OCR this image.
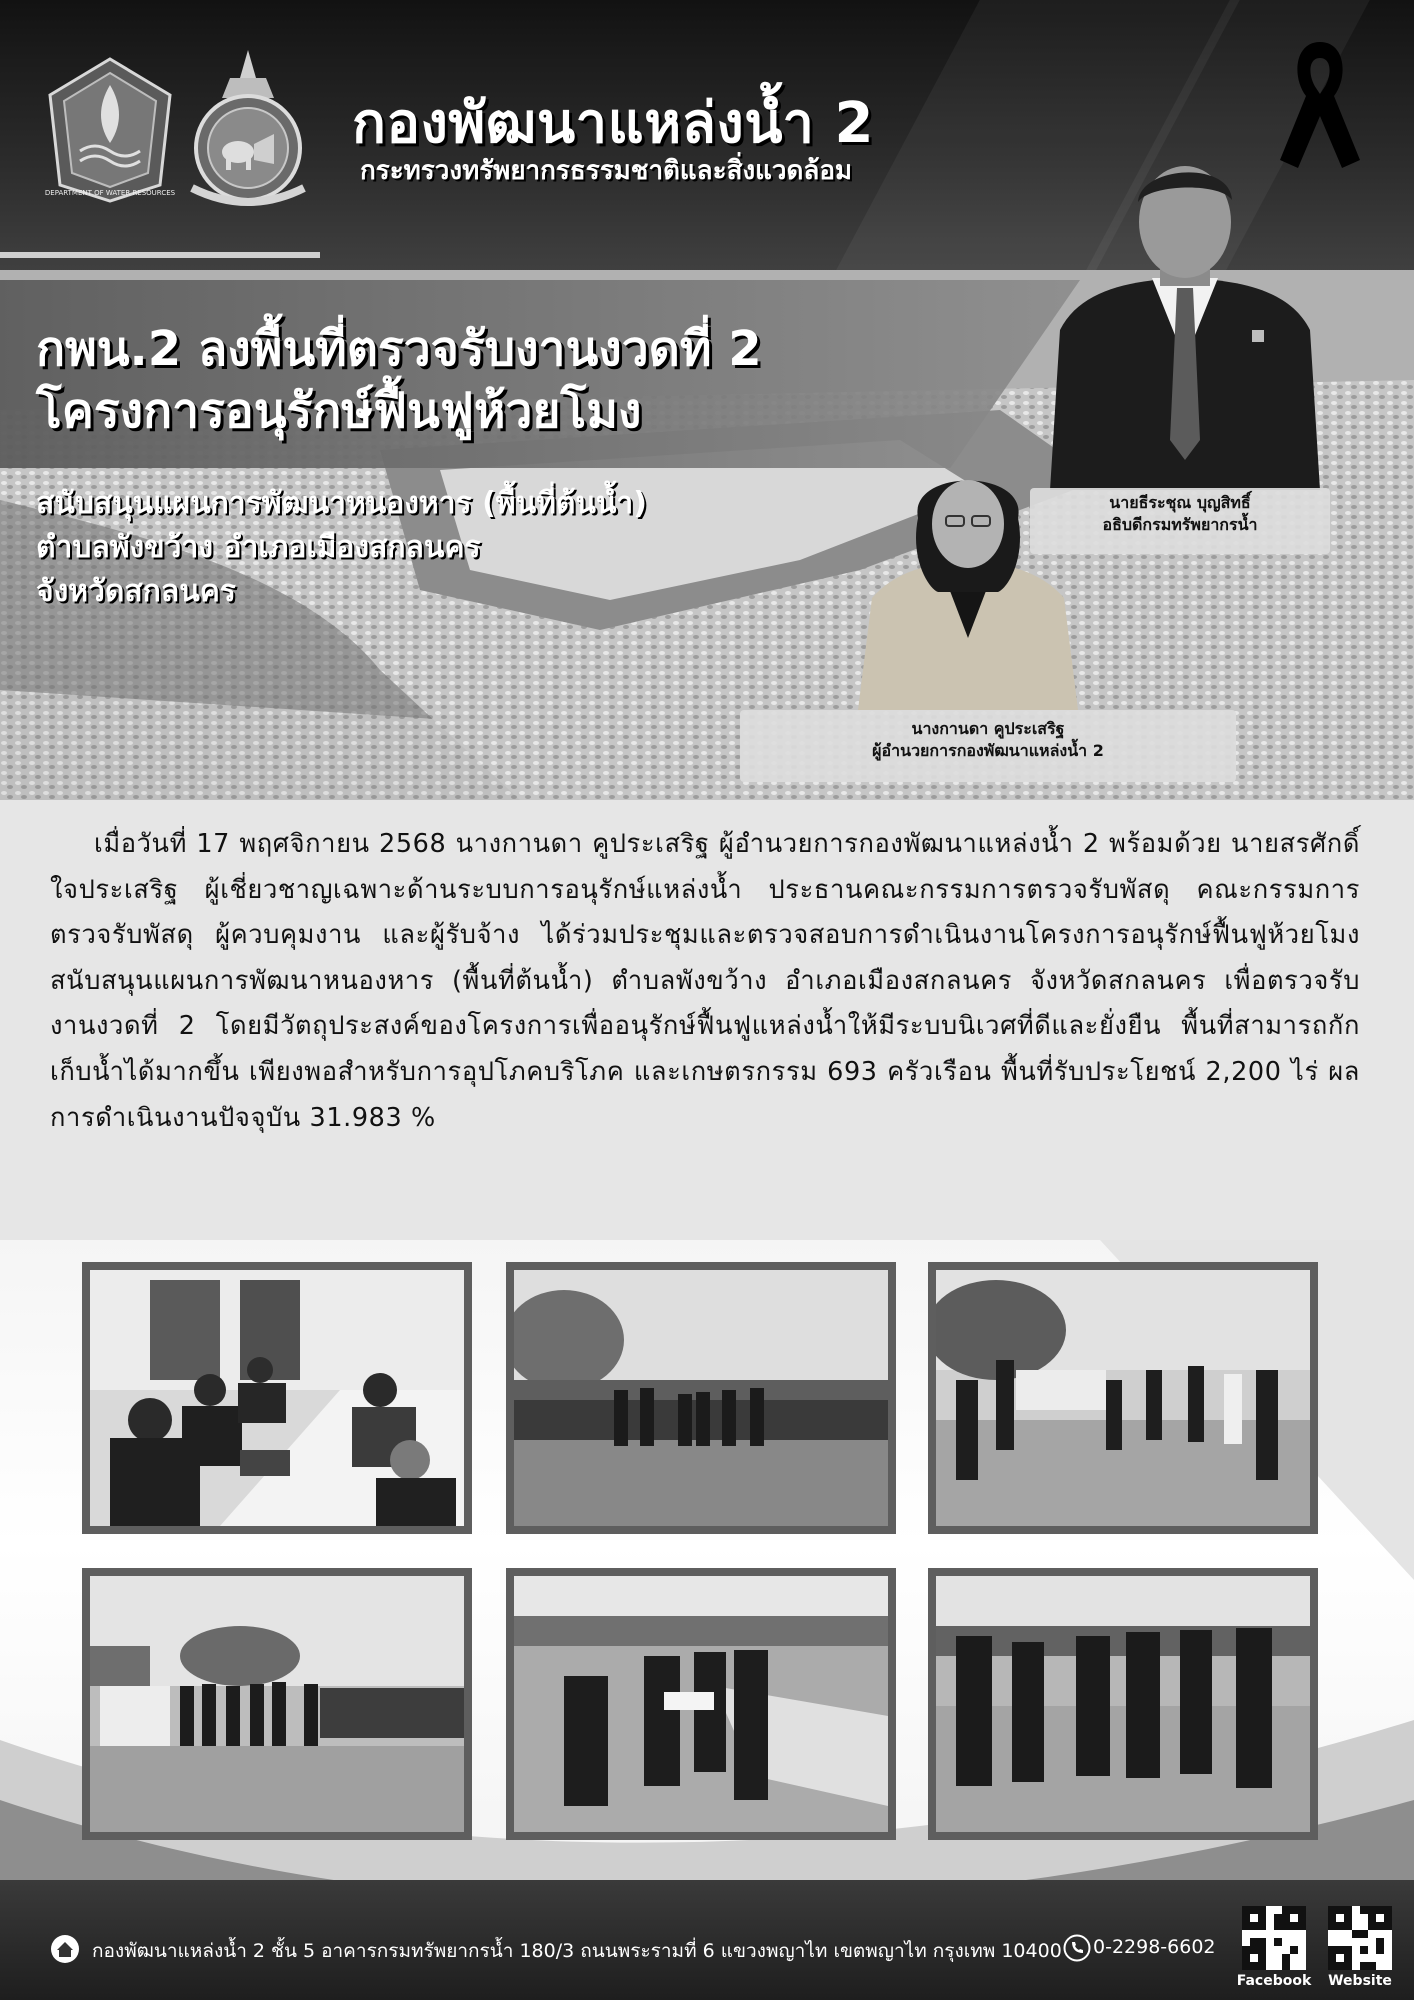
DEPARTMENT OF WATER RESOURCES
กองพัฒนาแหล่งน้ำ 2
กระทรวงทรัพยากรธรรมชาติและสิ่งแวดล้อม
กพน.2 ลงพื้นที่ตรวจรับงานงวดที่ 2
โครงการอนุรักษ์ฟื้นฟูห้วยโมง
สนับสนุนแผนการพัฒนาหนองหาร (พื้นที่ต้นน้ำ)
ตำบลพังขว้าง อำเภอเมืองสกลนคร
จังหวัดสกลนคร
นายธีระชุณ บุญสิทธิ์
อธิบดีกรมทรัพยากรน้ำ
นางกานดา คูประเสริฐ
ผู้อำนวยการกองพัฒนาแหล่งน้ำ 2
เมื่อวันที่ 17 พฤศจิกายน 2568 นางกานดา คูประเสริฐ ผู้อำนวยการกองพัฒนาแหล่งน้ำ 2 พร้อมด้วย นายสรศักดิ์ ใจประเสริฐ ผู้เชี่ยวชาญเฉพาะด้านระบบการอนุรักษ์แหล่งน้ำ ประธานคณะกรรมการตรวจรับพัสดุ คณะกรรมการตรวจรับพัสดุ ผู้ควบคุมงาน และผู้รับจ้าง ได้ร่วมประชุมและตรวจสอบการดำเนินงานโครงการอนุรักษ์ฟื้นฟูห้วยโมง สนับสนุนแผนการพัฒนาหนองหาร (พื้นที่ต้นน้ำ) ตำบลพังขว้าง อำเภอเมืองสกลนคร จังหวัดสกลนคร เพื่อตรวจรับงานงวดที่ 2 โดยมีวัตถุประสงค์ของโครงการเพื่ออนุรักษ์ฟื้นฟูแหล่งน้ำให้มีระบบนิเวศที่ดีและยั่งยืน พื้นที่สามารถกักเก็บน้ำได้มากขึ้น เพียงพอสำหรับการอุปโภคบริโภค และเกษตรกรรม 693 ครัวเรือน พื้นที่รับประโยชน์ 2,200 ไร่ ผลการดำเนินงานปัจจุบัน 31.983 %
กองพัฒนาแหล่งน้ำ 2 ชั้น 5 อาคารกรมทรัพยากรน้ำ 180/3 ถนนพระรามที่ 6 แขวงพญาไท เขตพญาไท กรุงเทพ 10400 0-2298-6602
Facebook	Website
